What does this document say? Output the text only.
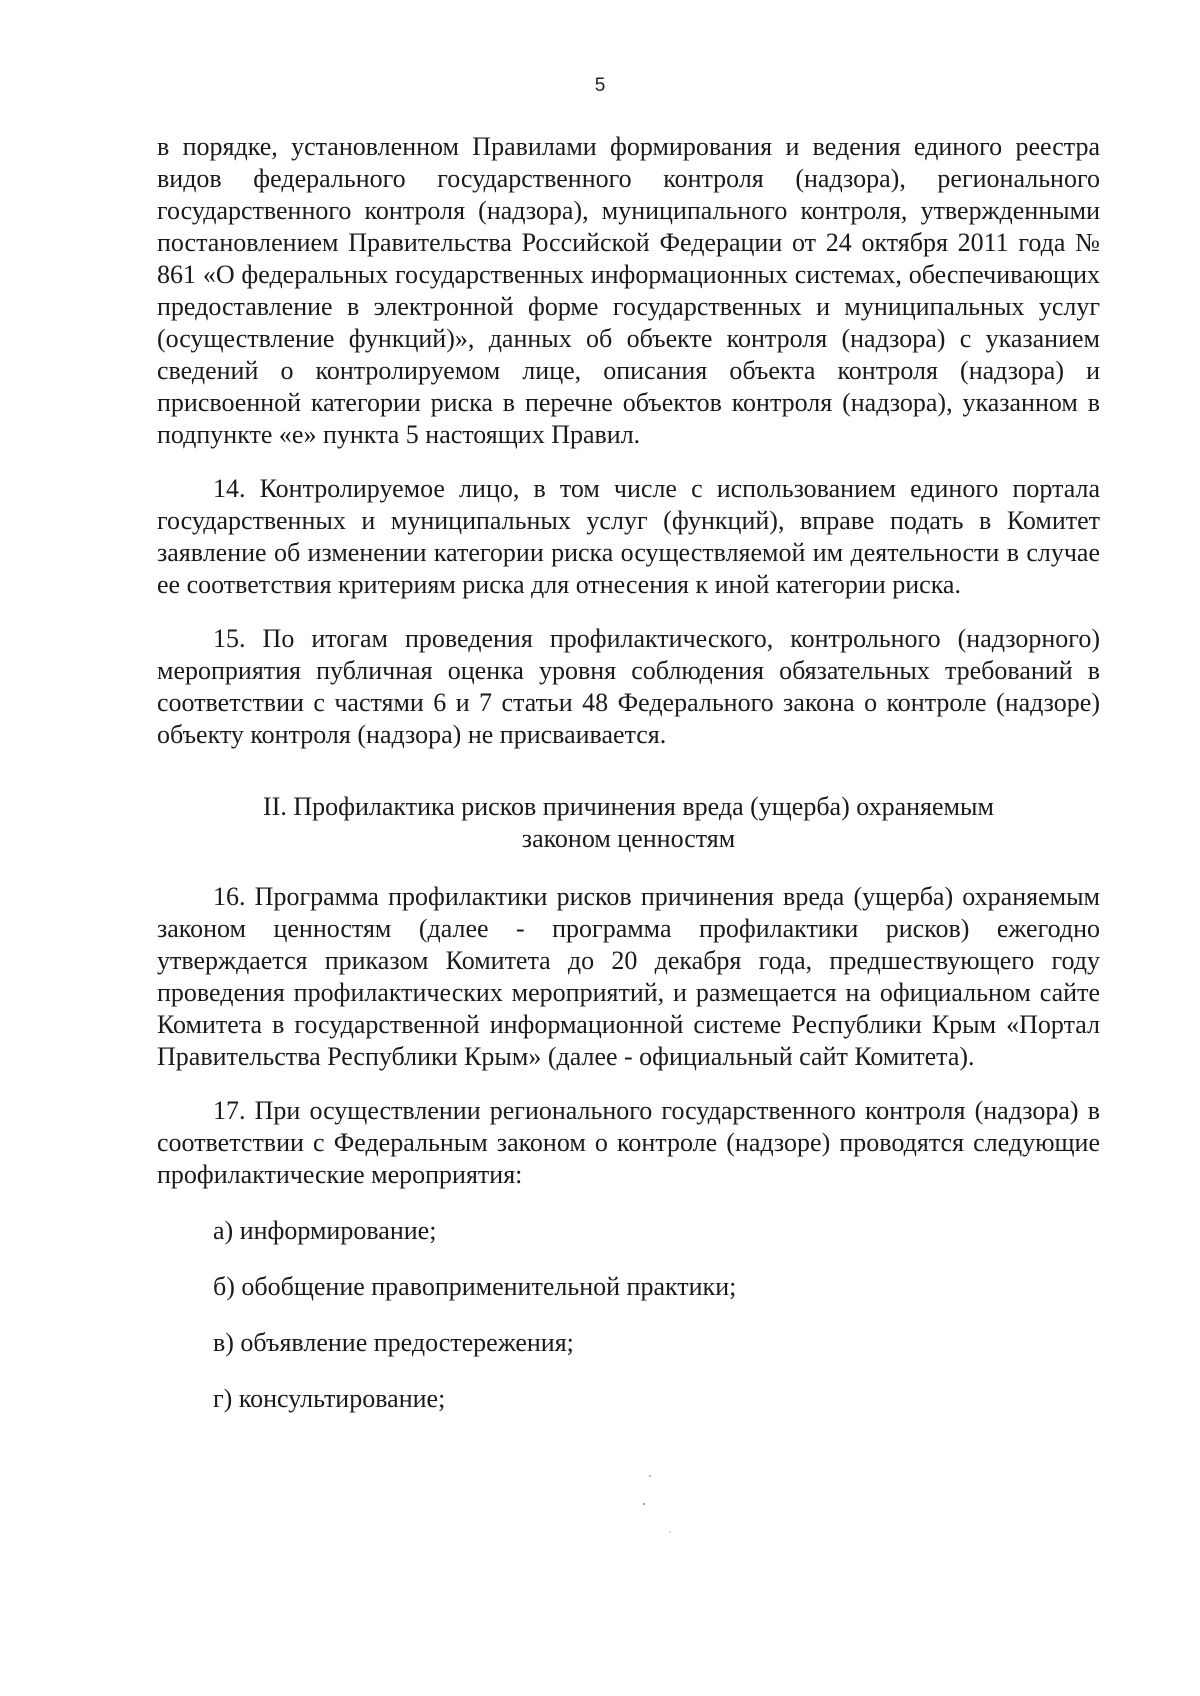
5

в порядке, установленном Правилами формирования и ведения единого реестра видов федерального государственного контроля (надзора), регионального государственного контроля (надзора), муниципального контроля, утвержденными постановлением Правительства Российской Федерации от 24 октября 2011 года № 861 «О федеральных государственных информационных системах, обеспечивающих предоставление в электронной форме государственных и муниципальных услуг (осуществление функций)», данных об объекте контроля (надзора) с указанием сведений о контролируемом лице, описания объекта контроля (надзора) и присвоенной категории риска в перечне объектов контроля (надзора), указанном в подпункте «е» пункта 5 настоящих Правил.

14. Контролируемое лицо, в том числе с использованием единого портала государственных и муниципальных услуг (функций), вправе подать в Комитет заявление об изменении категории риска осуществляемой им деятельности в случае ее соответствия критериям риска для отнесения к иной категории риска.

15. По итогам проведения профилактического, контрольного (надзорного) мероприятия публичная оценка уровня соблюдения обязательных требований в соответствии с частями 6 и 7 статьи 48 Федерального закона о контроле (надзоре) объекту контроля (надзора) не присваивается.

II. Профилактика рисков причинения вреда (ущерба) охраняемым законом ценностям

16. Программа профилактики рисков причинения вреда (ущерба) охраняемым законом ценностям (далее - программа профилактики рисков) ежегодно утверждается приказом Комитета до 20 декабря года, предшествующего году проведения профилактических мероприятий, и размещается на официальном сайте Комитета в государственной информационной системе Республики Крым «Портал Правительства Республики Крым» (далее - официальный сайт Комитета).

17. При осуществлении регионального государственного контроля (надзора) в соответствии с Федеральным законом о контроле (надзоре) проводятся следующие профилактические мероприятия:

а) информирование;

б) обобщение правоприменительной практики;

в) объявление предостережения;

г) консультирование;
